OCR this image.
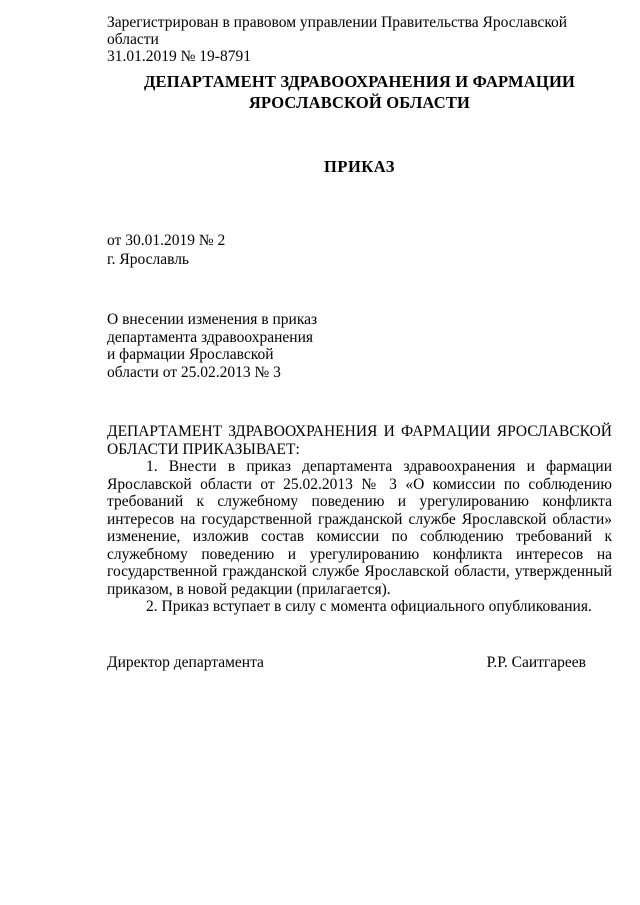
Зарегистрирован в правовом управлении Правительства Ярославской области
31.01.2019 № 19-8791
ДЕПАРТАМЕНТ ЗДРАВООХРАНЕНИЯ И ФАРМАЦИИ
ЯРОСЛАВСКОЙ ОБЛАСТИ
ПРИКАЗ
от 30.01.2019 № 2
г. Ярославль
О внесении изменения в приказ
департамента здравоохранения
и фармации Ярославской
области от 25.02.2013 № 3
ДЕПАРТАМЕНТ ЗДРАВООХРАНЕНИЯ И ФАРМАЦИИ ЯРОСЛАВСКОЙ ОБЛАСТИ ПРИКАЗЫВАЕТ:
1. Внести в приказ департамента здравоохранения и фармации Ярославской области от 25.02.2013 № 3 «О комиссии по соблюдению требований к служебному поведению и урегулированию конфликта интересов на государственной гражданской службе Ярославской области» изменение, изложив состав комиссии по соблюдению требований к служебному поведению и урегулированию конфликта интересов на государственной гражданской службе Ярославской области, утвержденный приказом, в новой редакции (прилагается).
2. Приказ вступает в силу с момента официального опубликования.
Директор департамента	Р.Р. Саитгареев
